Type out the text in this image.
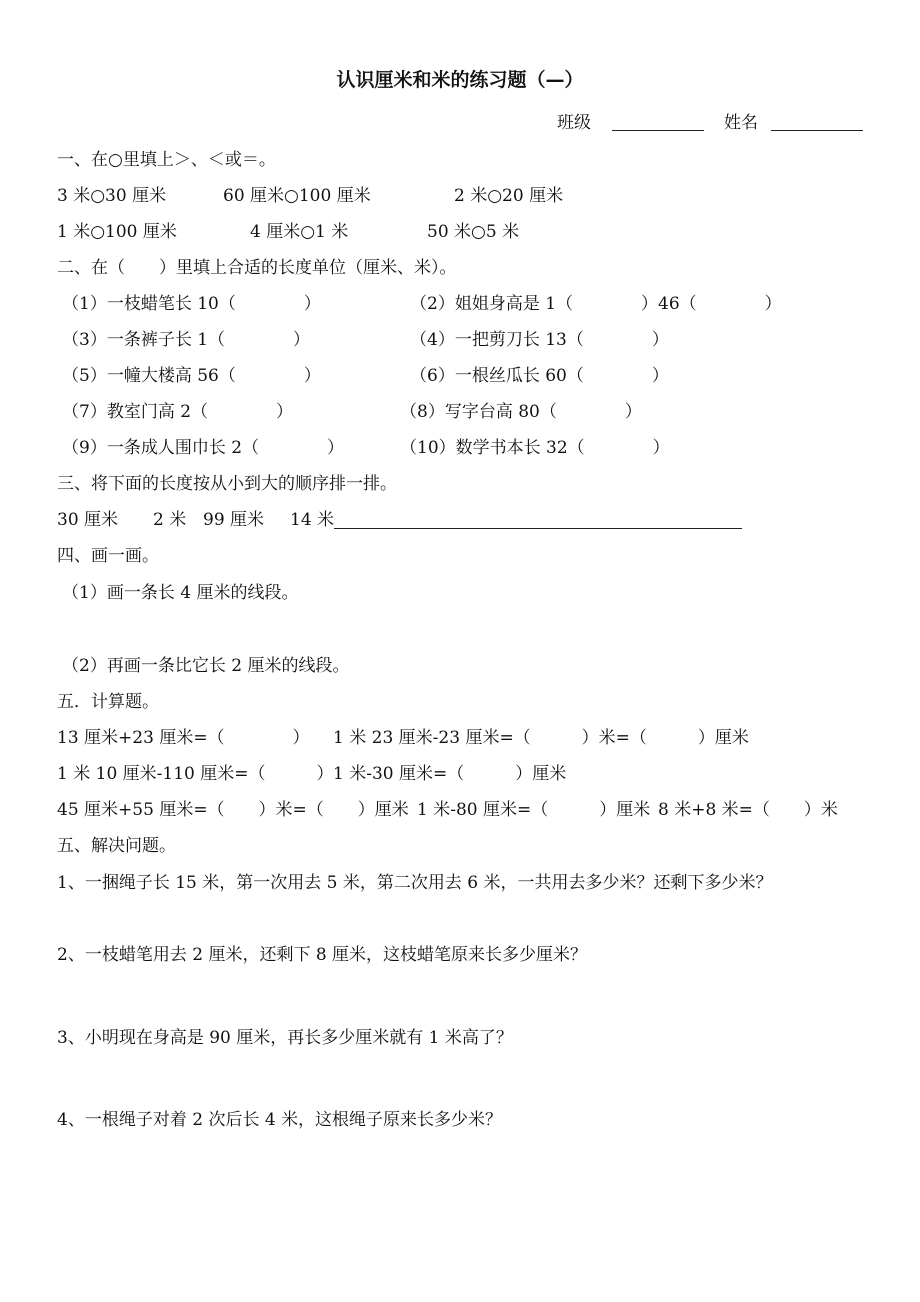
认识厘米和米的练习题（—）
班级	姓名
一、在○里填上＞、＜或＝。
3 米○30 厘米	60 厘米○100 厘米	2 米○20 厘米
1 米○100 厘米	4 厘米○1 米	50 米○5 米
二、在（　　）里填上合适的长度单位（厘米、米）。
（1）一枝蜡笔长 10（　　　　）	（2）姐姐身高是 1（　　　　）46（　　　　）
（3）一条裤子长 1（　　　　）	（4）一把剪刀长 13（　　　　）
（5）一幢大楼高 56（　　　　）	（6）一根丝瓜长 60（　　　　）
（7）教室门高 2（　　　　）	（8）写字台高 80（　　　　）
（9）一条成人围巾长 2（　　　　）	（10）数学书本长 32（　　　　）
三、将下面的长度按从小到大的顺序排一排。
30 厘米 2 米 99 厘米 14 米
四、画一画。
（1）画一条长 4 厘米的线段。
（2）再画一条比它长 2 厘米的线段。
五．计算题。
13 厘米+23 厘米=（　　　　） 1 米 23 厘米-23 厘米=（　　　）米=（　　　）厘米
1 米 10 厘米-110 厘米=（　　　） 1 米-30 厘米=（　　　）厘米
45 厘米+55 厘米=（　　）米=（　　）厘米 1 米-80 厘米=（　　　）厘米 8 米+8 米=（　　）米
五、解决问题。
1、一捆绳子长 15 米，第一次用去 5 米，第二次用去 6 米，一共用去多少米？还剩下多少米？
2、一枝蜡笔用去 2 厘米，还剩下 8 厘米，这枝蜡笔原来长多少厘米？
3、小明现在身高是 90 厘米，再长多少厘米就有 1 米高了？
4、一根绳子对着 2 次后长 4 米，这根绳子原来长多少米？
